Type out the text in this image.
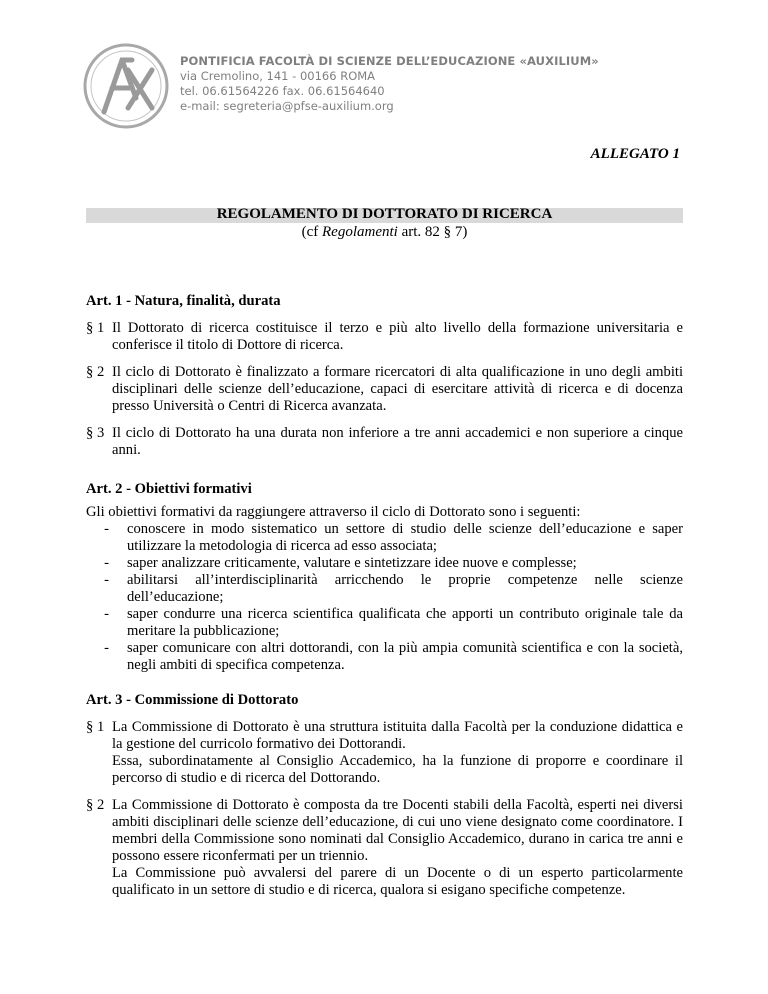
PONTIFICIA FACOLTÀ DI SCIENZE DELL’EDUCAZIONE «AUXILIUM»
via Cremolino, 141 - 00166 ROMA
tel. 06.61564226 fax. 06.61564640
e-mail: segreteria@pfse-auxilium.org
ALLEGATO 1
REGOLAMENTO DI DOTTORATO DI RICERCA
(cf Regolamenti art. 82 § 7)

Art. 1 - Natura, finalità, durata

§ 1 Il Dottorato di ricerca costituisce il terzo e più alto livello della formazione universitaria e conferisce il titolo di Dottore di ricerca.
§ 2 Il ciclo di Dottorato è finalizzato a formare ricercatori di alta qualificazione in uno degli ambiti disciplinari delle scienze dell’educazione, capaci di esercitare attività di ricerca e di docenza presso Università o Centri di Ricerca avanzata.
§ 3 Il ciclo di Dottorato ha una durata non inferiore a tre anni accademici e non superiore a cinque anni.

Art. 2 - Obiettivi formativi

Gli obiettivi formativi da raggiungere attraverso il ciclo di Dottorato sono i seguenti:
-	conoscere in modo sistematico un settore di studio delle scienze dell’educazione e saper utilizzare la metodologia di ricerca ad esso associata;
-	saper analizzare criticamente, valutare e sintetizzare idee nuove e complesse;
-	abilitarsi all’interdisciplinarità arricchendo le proprie competenze nelle scienze dell’educazione;
-	saper condurre una ricerca scientifica qualificata che apporti un contributo originale tale da meritare la pubblicazione;
-	saper comunicare con altri dottorandi, con la più ampia comunità scientifica e con la società, negli ambiti di specifica competenza.

Art. 3 - Commissione di Dottorato

§ 1 La Commissione di Dottorato è una struttura istituita dalla Facoltà per la conduzione didattica e la gestione del curricolo formativo dei Dottorandi.
Essa, subordinatamente al Consiglio Accademico, ha la funzione di proporre e coordinare il percorso di studio e di ricerca del Dottorando.
§ 2 La Commissione di Dottorato è composta da tre Docenti stabili della Facoltà, esperti nei diversi ambiti disciplinari delle scienze dell’educazione, di cui uno viene designato come coordinatore. I membri della Commissione sono nominati dal Consiglio Accademico, durano in carica tre anni e possono essere riconfermati per un triennio.
La Commissione può avvalersi del parere di un Docente o di un esperto particolarmente qualificato in un settore di studio e di ricerca, qualora si esigano specifiche competenze.
